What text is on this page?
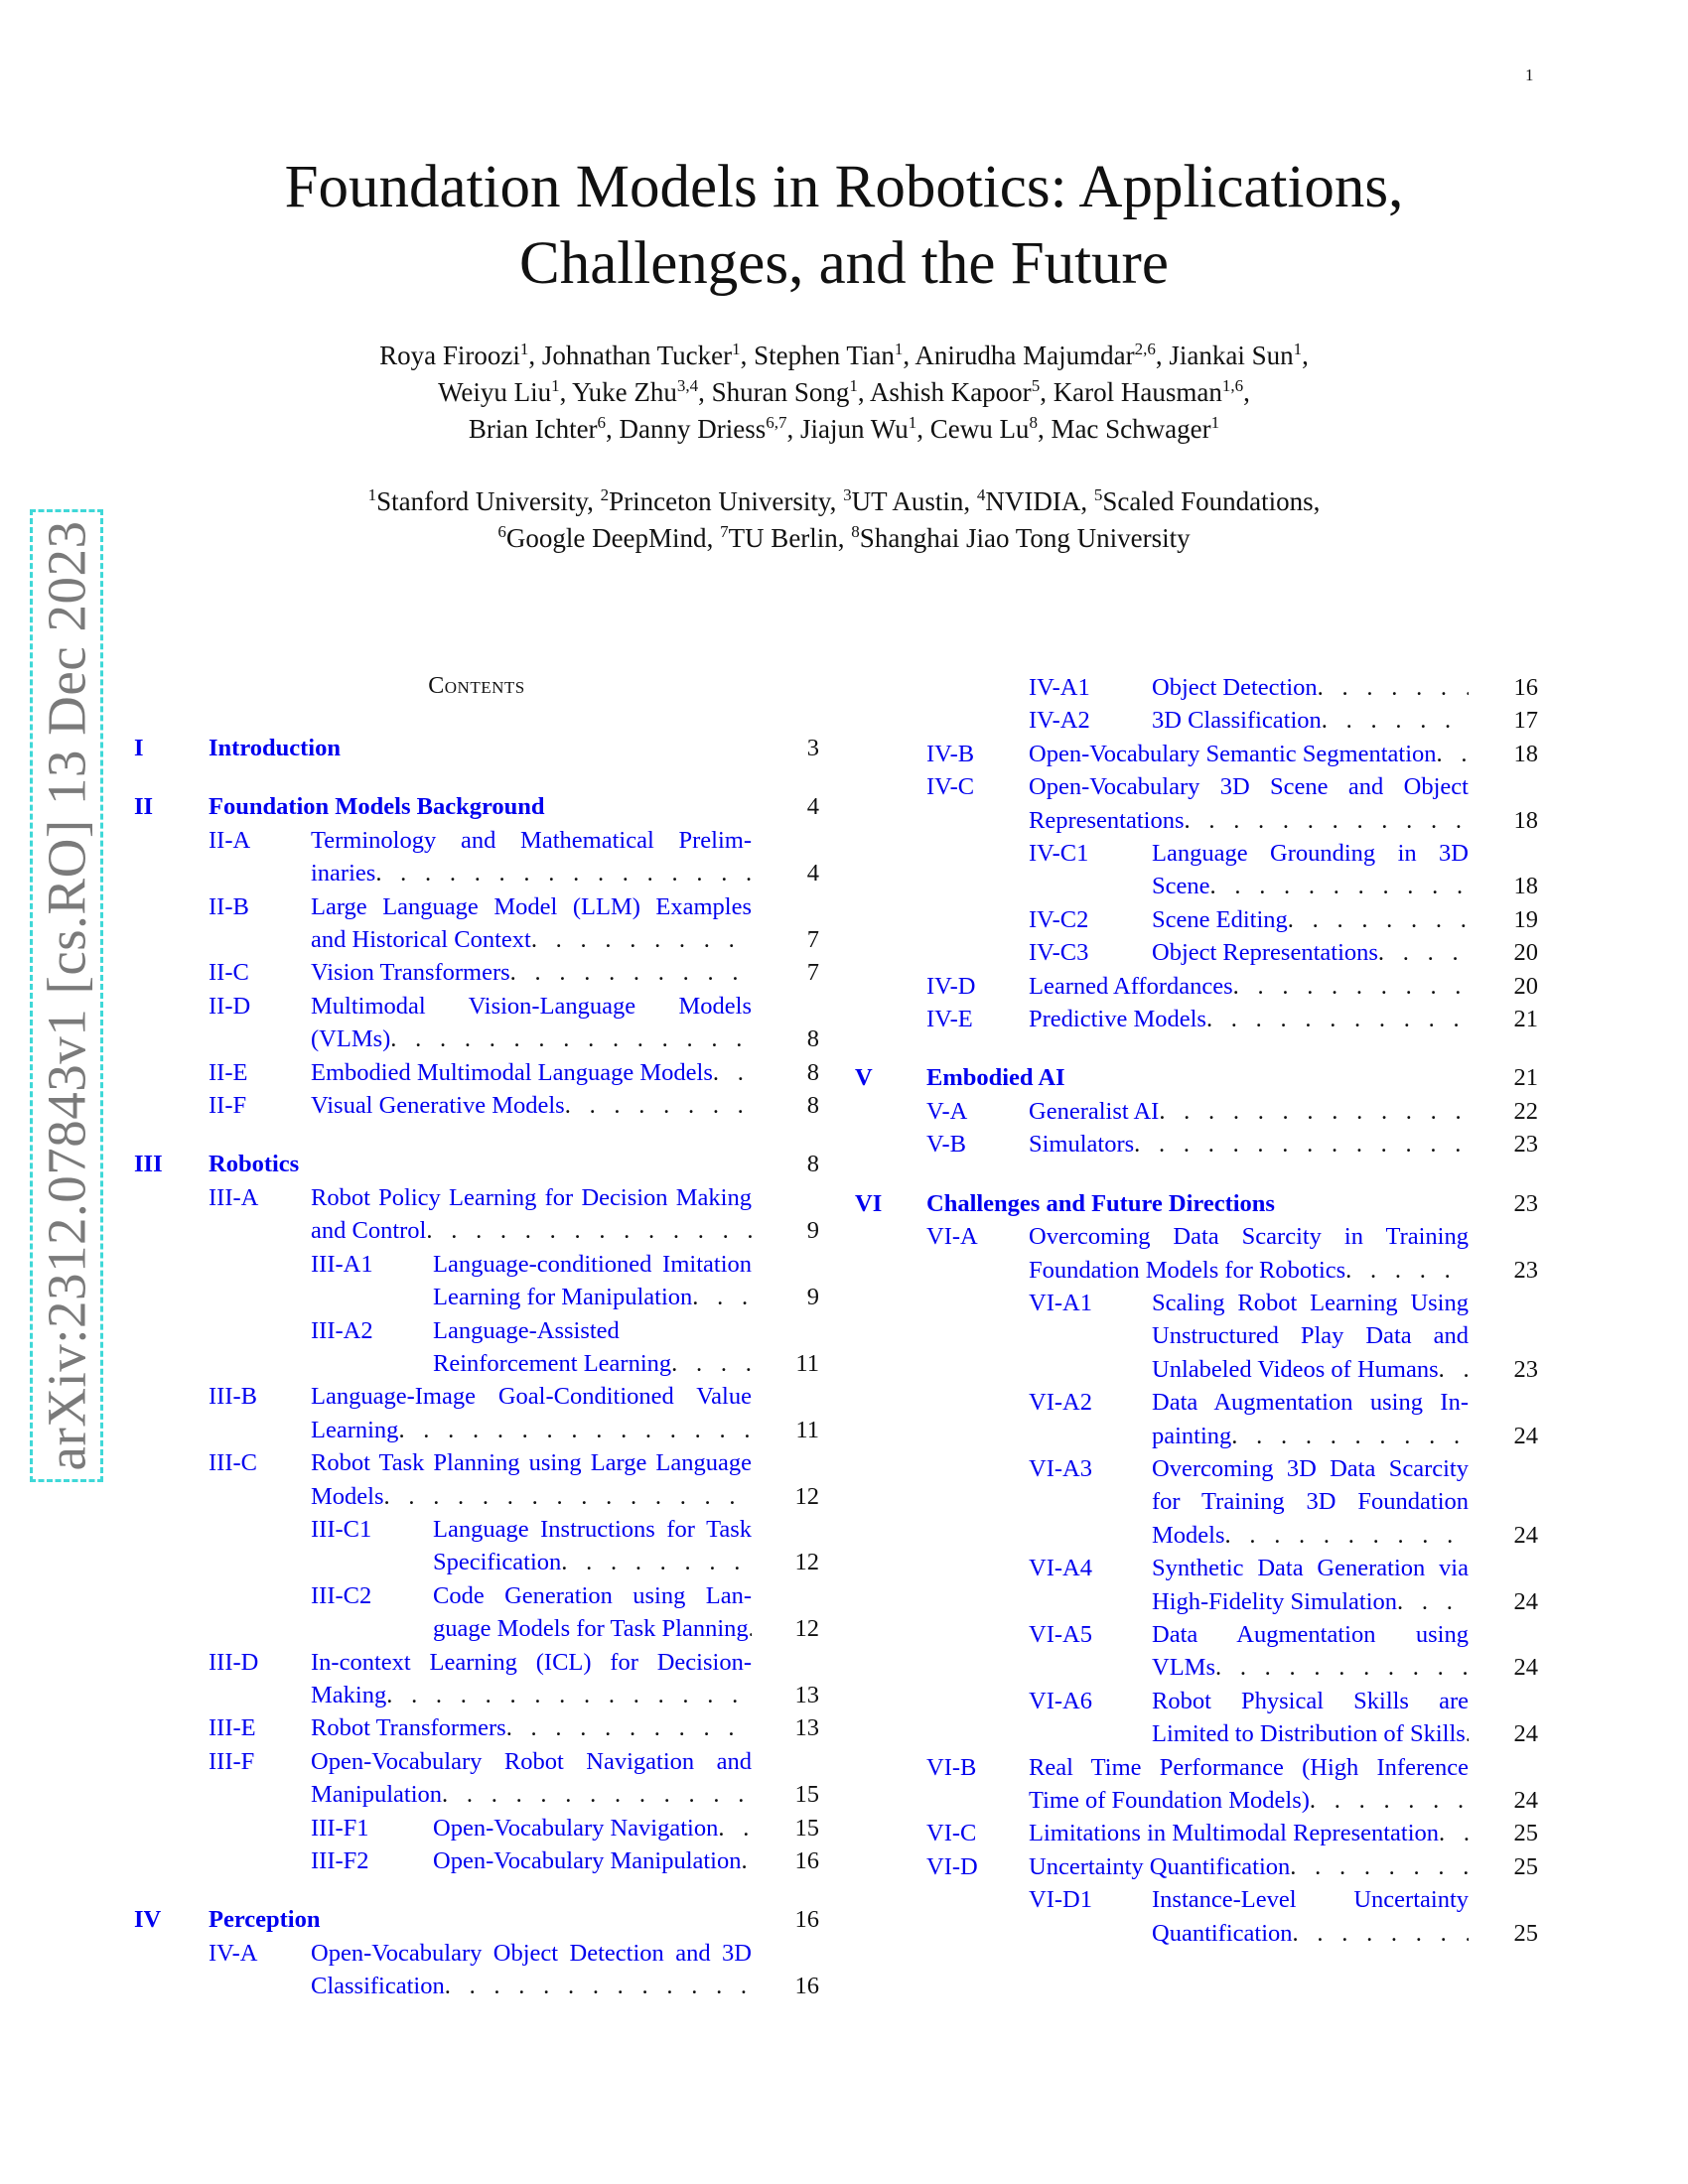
1
arXiv:2312.07843v1 [cs.RO] 13 Dec 2023
Foundation Models in Robotics: Applications,
Challenges, and the Future
Roya Firoozi$^1$, Johnathan Tucker$^1$, Stephen Tian$^1$, Anirudha Majumdar$^{2,6}$, Jiankai Sun$^1$,
Weiyu Liu$^1$, Yuke Zhu$^{3,4}$, Shuran Song$^1$, Ashish Kapoor$^5$, Karol Hausman$^{1,6}$,
Brian Ichter$^6$, Danny Driess$^{6,7}$, Jiajun Wu$^1$, Cewu Lu$^8$, Mac Schwager$^1$
$^1$Stanford University, $^2$Princeton University, $^3$UT Austin, $^4$NVIDIA, $^5$Scaled Foundations,
$^6$Google DeepMind, $^7$TU Berlin, $^8$Shanghai Jiao Tong University
Contents
I	Introduction	3
II	Foundation Models Background	4
II-A	Terminology and Mathematical Preliminaries . . .	4
II-B	Large Language Model (LLM) Examples and Historical Context . . .	7
II-C	Vision Transformers . . .	7
II-D	Multimodal Vision-Language Models (VLMs) . . .	8
II-E	Embodied Multimodal Language Models . . .	8
II-F	Visual Generative Models . . .	8
III	Robotics	8
III-A	Robot Policy Learning for Decision Making and Control . . .	9
III-A1	Language-conditioned Imitation Learning for Manipulation . . .	9
III-A2	Language-Assisted Reinforcement Learning . . .	11
III-B	Language-Image Goal-Conditioned Value Learning . . .	11
III-C	Robot Task Planning using Large Language Models . . .	12
III-C1	Language Instructions for Task Specification . . .	12
III-C2	Code Generation using Language Models for Task Planning . . .	12
III-D	In-context Learning (ICL) for Decision-Making . . .	13
III-E	Robot Transformers . . .	13
III-F	Open-Vocabulary Robot Navigation and Manipulation . . .	15
III-F1	Open-Vocabulary Navigation . . .	15
III-F2	Open-Vocabulary Manipulation . . .	16
IV	Perception	16
IV-A	Open-Vocabulary Object Detection and 3D Classification . . .	16
IV-A1	Object Detection . . .	16
IV-A2	3D Classification . . .	17
IV-B	Open-Vocabulary Semantic Segmentation . . .	18
IV-C	Open-Vocabulary 3D Scene and Object Representations . . .	18
IV-C1	Language Grounding in 3D Scene . . .	18
IV-C2	Scene Editing . . .	19
IV-C3	Object Representations . . .	20
IV-D	Learned Affordances . . .	20
IV-E	Predictive Models . . .	21
V	Embodied AI	21
V-A	Generalist AI . . .	22
V-B	Simulators . . .	23
VI	Challenges and Future Directions	23
VI-A	Overcoming Data Scarcity in Training Foundation Models for Robotics . . .	23
VI-A1	Scaling Robot Learning Using Unstructured Play Data and Unlabeled Videos of Humans . . .	23
VI-A2	Data Augmentation using Inpainting . . .	24
VI-A3	Overcoming 3D Data Scarcity for Training 3D Foundation Models . . .	24
VI-A4	Synthetic Data Generation via High-Fidelity Simulation . . .	24
VI-A5	Data Augmentation using VLMs . . .	24
VI-A6	Robot Physical Skills are Limited to Distribution of Skills . . .	24
VI-B	Real Time Performance (High Inference Time of Foundation Models) . . .	24
VI-C	Limitations in Multimodal Representation . . .	25
VI-D	Uncertainty Quantification . . .	25
VI-D1	Instance-Level Uncertainty Quantification . . .	25
